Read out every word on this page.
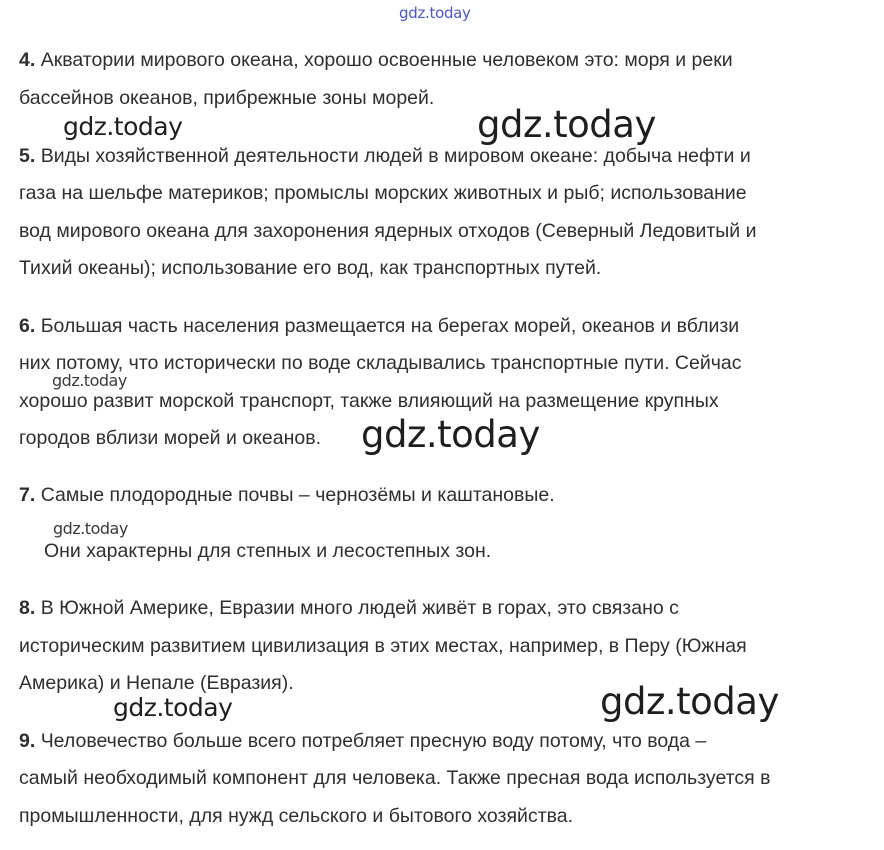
gdz.today
4. Акватории мирового океана, хорошо освоенные человеком это: моря и реки
бассейнов океанов, прибрежные зоны морей.
5. Виды хозяйственной деятельности людей в мировом океане: добыча нефти и
газа на шельфе материков; промыслы морских животных и рыб; использование
вод мирового океана для захоронения ядерных отходов (Северный Ледовитый и
Тихий океаны); использование его вод, как транспортных путей.
6. Большая часть населения размещается на берегах морей, океанов и вблизи
них потому, что исторически по воде складывались транспортные пути. Сейчас
хорошо развит морской транспорт, также влияющий на размещение крупных
городов вблизи морей и океанов.
7. Самые плодородные почвы – чернозёмы и каштановые.
Они характерны для степных и лесостепных зон.
8. В Южной Америке, Евразии много людей живёт в горах, это связано с
историческим развитием цивилизация в этих местах, например, в Перу (Южная
Америка) и Непале (Евразия).
9. Человечество больше всего потребляет пресную воду потому, что вода –
самый необходимый компонент для человека. Также пресная вода используется в
промышленности, для нужд сельского и бытового хозяйства.
gdz.today	gdz.today
gdz.today
gdz.today
gdz.today
gdz.today	gdz.today
